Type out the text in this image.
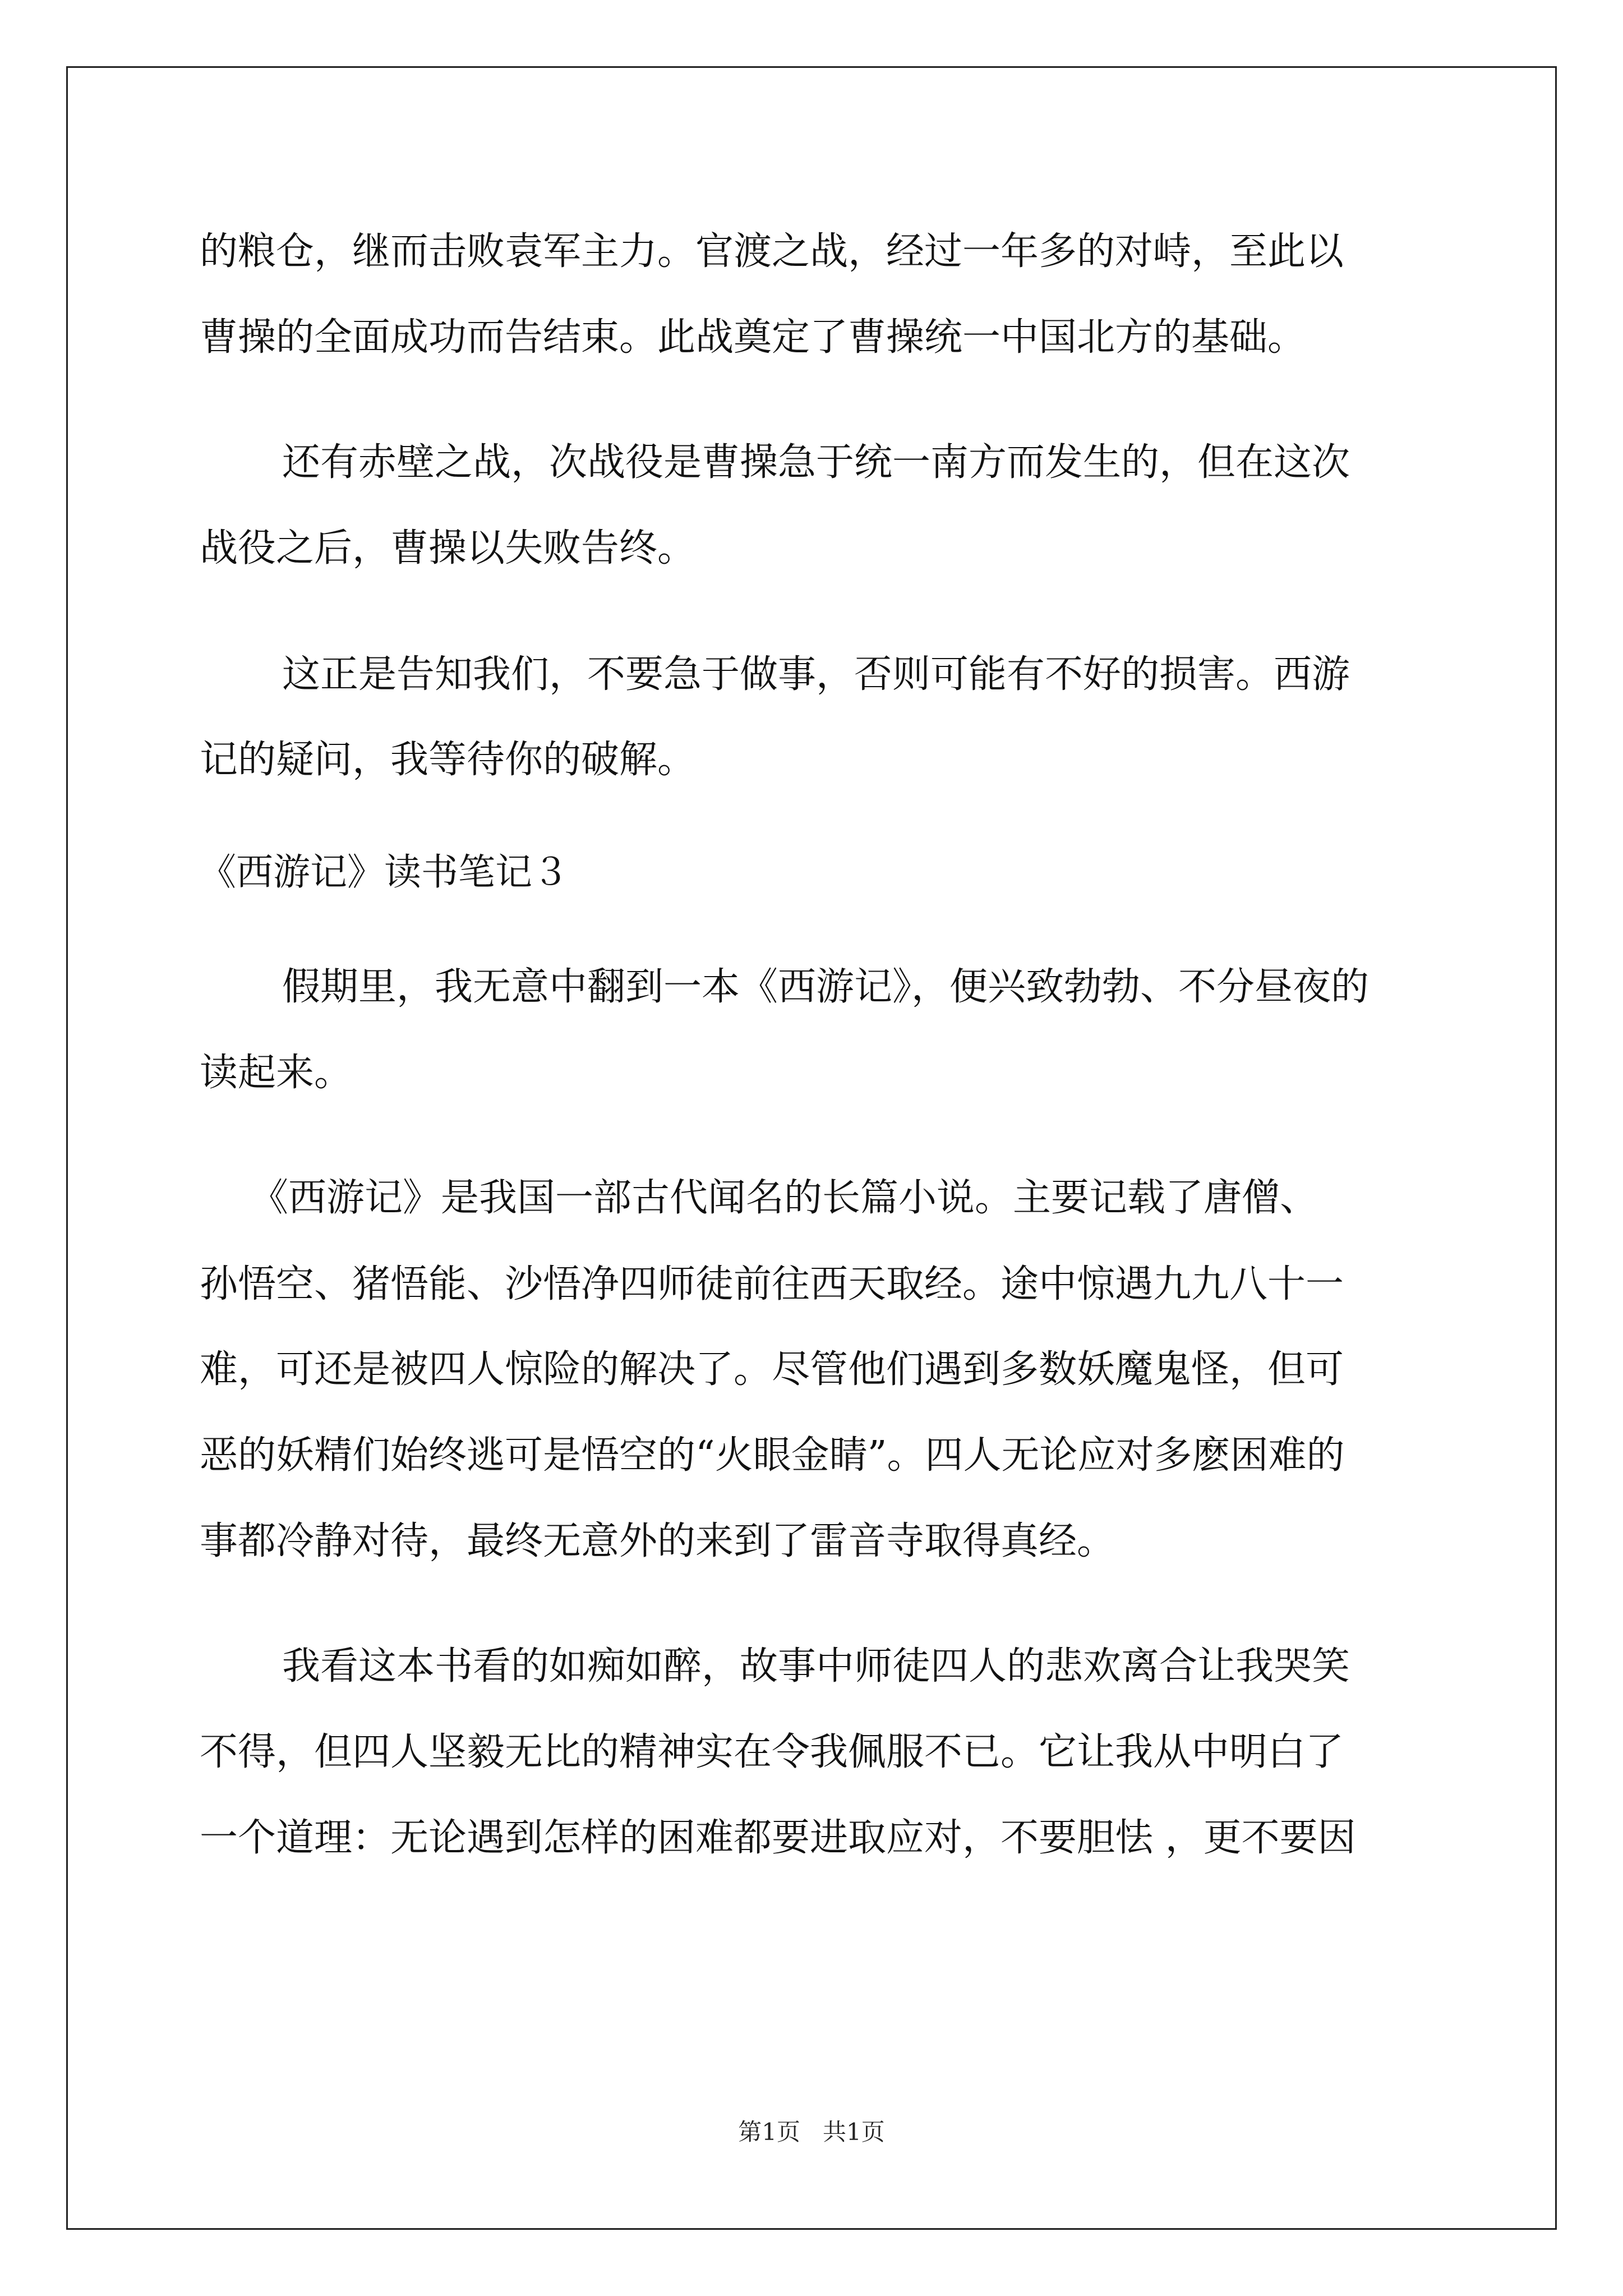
的粮仓，继而击败袁军主力。官渡之战，经过一年多的对峙，至此以
曹操的全面成功而告结束。此战奠定了曹操统一中国北方的基础。
还有赤壁之战，次战役是曹操急于统一南方而发生的，但在这次
战役之后，曹操以失败告终。
这正是告知我们，不要急于做事，否则可能有不好的损害。西游
记的疑问，我等待你的破解。
《西游记》读书笔记３
假期里，我无意中翻到一本《西游记》，便兴致勃勃、不分昼夜的
读起来。
《西游记》是我国一部古代闻名的长篇小说。主要记载了唐僧、
孙悟空、猪悟能、沙悟净四师徒前往西天取经。途中惊遇九九八十一
难，可还是被四人惊险的解决了。尽管他们遇到多数妖魔鬼怪，但可
恶的妖精们始终逃可是悟空的“火眼金睛”。四人无论应对多麽困难的
事都冷静对待，最终无意外的来到了雷音寺取得真经。
我看这本书看的如痴如醉，故事中师徒四人的悲欢离合让我哭笑
不得，但四人坚毅无比的精神实在令我佩服不已。它让我从中明白了
一个道理：无论遇到怎样的困难都要进取应对，不要胆怯 ，更不要因
第1页   共1页
